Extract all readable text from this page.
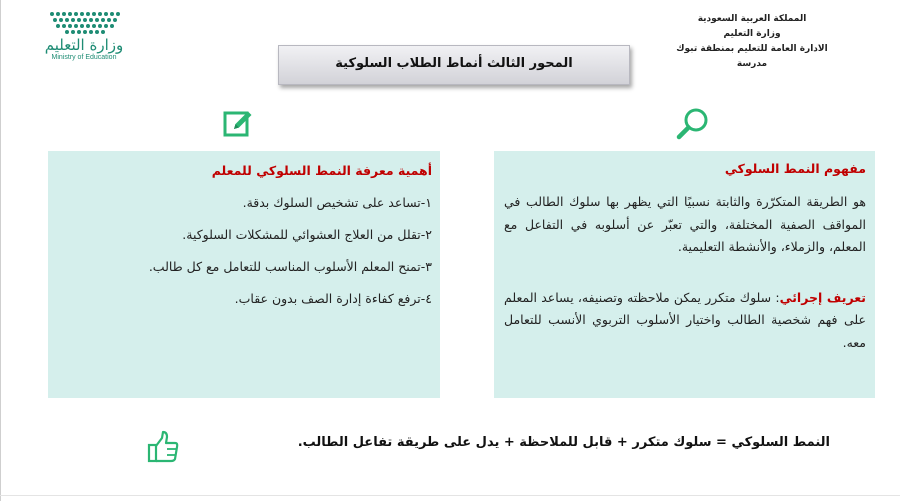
وزارة التعليم
Ministry of Education
المملكة العربية السعودية
وزارة التعليم
الادارة العامة للتعليم بمنطقة تبوك
مدرسة
المحور الثالث أنماط الطلاب السلوكية
أهمية معرفة النمط السلوكي للمعلم
١-تساعد على تشخيص السلوك بدقة.
٢-تقلل من العلاج العشوائي للمشكلات السلوكية.
٣-تمنح المعلم الأسلوب المناسب للتعامل مع كل طالب.
٤-ترفع كفاءة إدارة الصف بدون عقاب.
مفهوم النمط السلوكي
هو الطريقة المتكرّرة والثابتة نسبيًا التي يظهر بها سلوك الطالب في المواقف الصفية المختلفة، والتي تعبّر عن أسلوبه في التفاعل مع المعلم، والزملاء، والأنشطة التعليمية.
تعريف إجرائي: سلوك متكرر يمكن ملاحظته وتصنيفه، يساعد المعلم على فهم شخصية الطالب واختيار الأسلوب التربوي الأنسب للتعامل معه.
النمط السلوكي = سلوك متكرر + قابل للملاحظة + يدل على طريقة تفاعل الطالب.
